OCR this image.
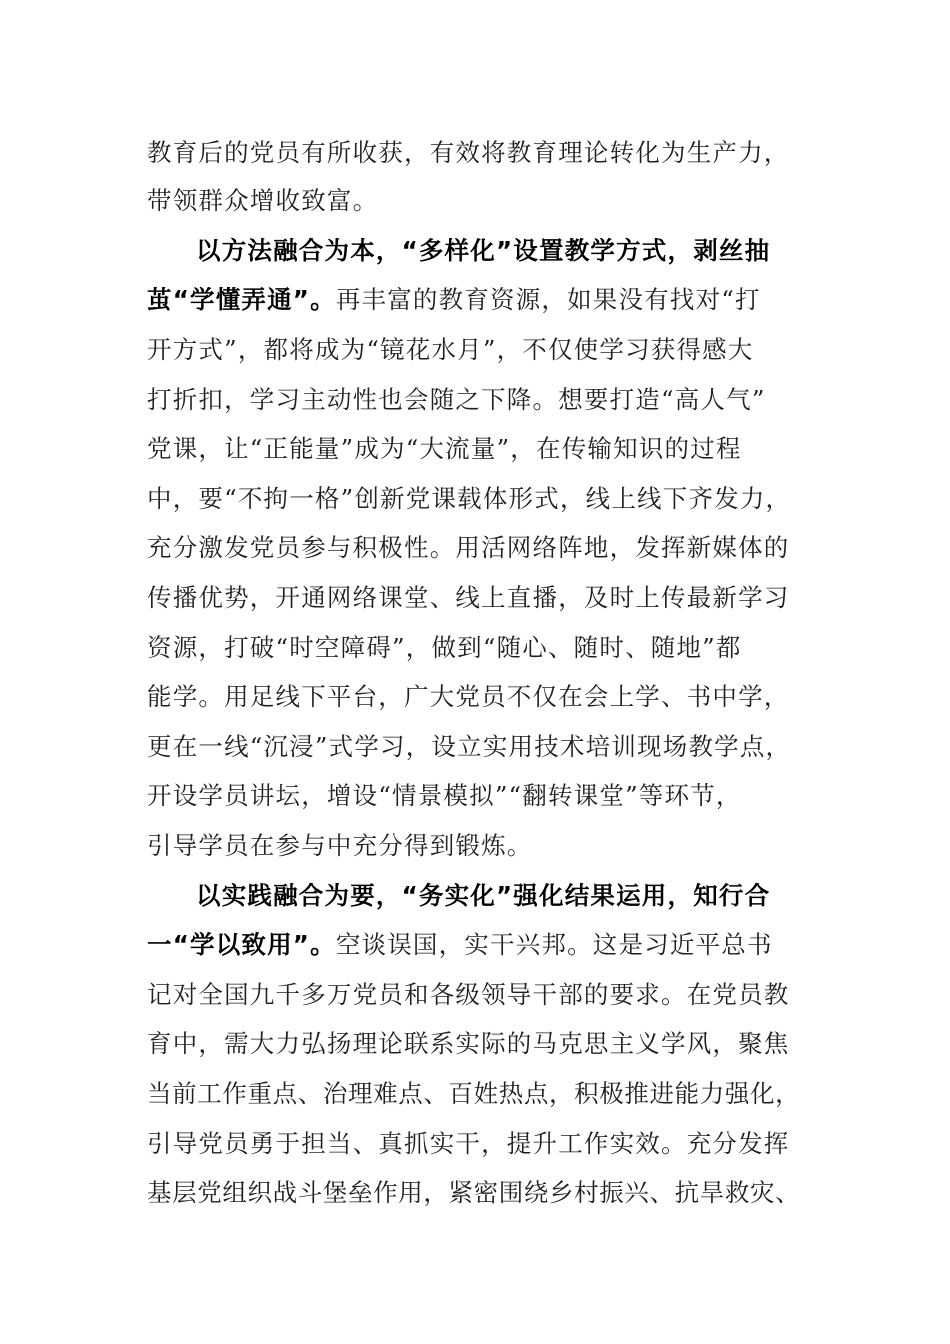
教育后的党员有所收获，有效将教育理论转化为生产力，
带领群众增收致富。
以方法融合为本，“多样化”设置教学方式，剥丝抽
茧“学懂弄通”。再丰富的教育资源，如果没有找对“打
开方式”，都将成为“镜花水月”，不仅使学习获得感大
打折扣，学习主动性也会随之下降。想要打造“高人气”
党课，让“正能量”成为“大流量”，在传输知识的过程
中，要“不拘一格”创新党课载体形式，线上线下齐发力，
充分激发党员参与积极性。用活网络阵地，发挥新媒体的
传播优势，开通网络课堂、线上直播，及时上传最新学习
资源，打破“时空障碍”，做到“随心、随时、随地”都
能学。用足线下平台，广大党员不仅在会上学、书中学，
更在一线“沉浸”式学习，设立实用技术培训现场教学点，
开设学员讲坛，增设“情景模拟”“翻转课堂”等环节，
引导学员在参与中充分得到锻炼。
以实践融合为要，“务实化”强化结果运用，知行合
一“学以致用”。空谈误国，实干兴邦。这是习近平总书
记对全国九千多万党员和各级领导干部的要求。在党员教
育中，需大力弘扬理论联系实际的马克思主义学风，聚焦
当前工作重点、治理难点、百姓热点，积极推进能力强化，
引导党员勇于担当、真抓实干，提升工作实效。充分发挥
基层党组织战斗堡垒作用，紧密围绕乡村振兴、抗旱救灾、
